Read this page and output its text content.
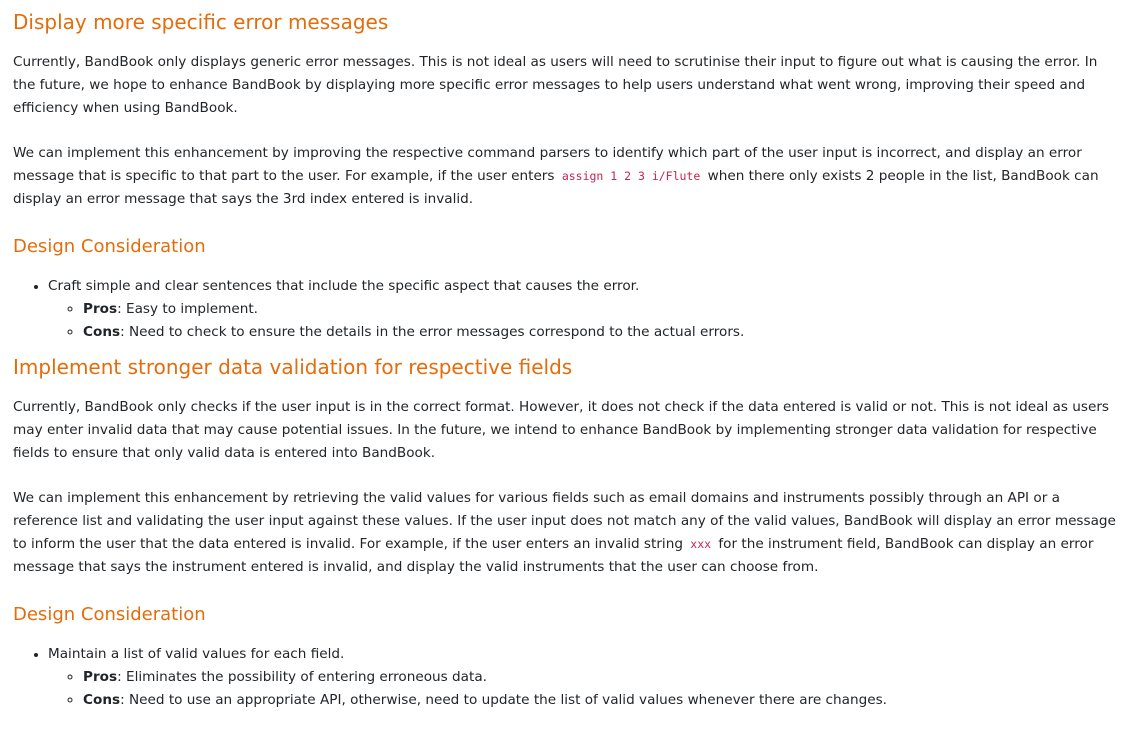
Display more specific error messages

Currently, BandBook only displays generic error messages. This is not ideal as users will need to scrutinise their input to figure out what is causing the error. In the future, we hope to enhance BandBook by displaying more specific error messages to help users understand what went wrong, improving their speed and efficiency when using BandBook.

We can implement this enhancement by improving the respective command parsers to identify which part of the user input is incorrect, and display an error message that is specific to that part to the user. For example, if the user enters assign 1 2 3 i/Flute when there only exists 2 people in the list, BandBook can display an error message that says the 3rd index entered is invalid.

Design Consideration
• Craft simple and clear sentences that include the specific aspect that causes the error.
◦ Pros: Easy to implement.
◦ Cons: Need to check to ensure the details in the error messages correspond to the actual errors.
Implement stronger data validation for respective fields

Currently, BandBook only checks if the user input is in the correct format. However, it does not check if the data entered is valid or not. This is not ideal as users may enter invalid data that may cause potential issues. In the future, we intend to enhance BandBook by implementing stronger data validation for respective fields to ensure that only valid data is entered into BandBook.

We can implement this enhancement by retrieving the valid values for various fields such as email domains and instruments possibly through an API or a reference list and validating the user input against these values. If the user input does not match any of the valid values, BandBook will display an error message to inform the user that the data entered is invalid. For example, if the user enters an invalid string xxx for the instrument field, BandBook can display an error message that says the instrument entered is invalid, and display the valid instruments that the user can choose from.

Design Consideration
• Maintain a list of valid values for each field.
◦ Pros: Eliminates the possibility of entering erroneous data.
◦ Cons: Need to use an appropriate API, otherwise, need to update the list of valid values whenever there are changes.
